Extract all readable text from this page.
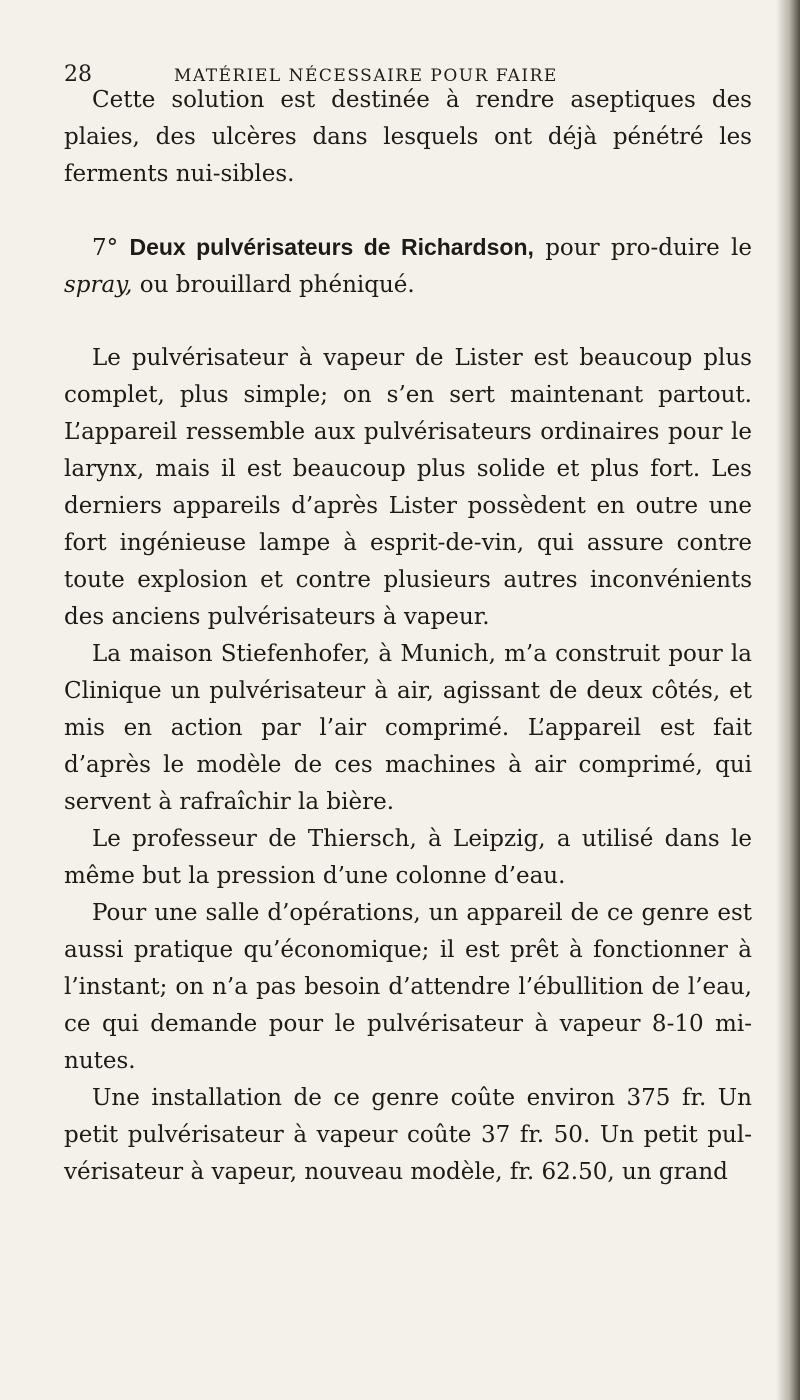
28	MATÉRIEL NÉCESSAIRE POUR FAIRE

Cette solution est destinée à rendre aseptiques des plaies, des ulcères dans lesquels ont déjà pénétré les ferments nui-sibles.

7° Deux pulvérisateurs de Richardson, pour pro-duire le spray, ou brouillard phéniqué.

Le pulvérisateur à vapeur de Lister est beaucoup plus complet, plus simple; on s’en sert maintenant partout. L’appareil ressemble aux pulvérisateurs ordinaires pour le larynx, mais il est beaucoup plus solide et plus fort. Les derniers appareils d’après Lister possèdent en outre une fort ingénieuse lampe à esprit-de-vin, qui assure contre toute explosion et contre plusieurs autres inconvénients des anciens pulvérisateurs à vapeur.

La maison Stiefenhofer, à Munich, m’a construit pour la Clinique un pulvérisateur à air, agissant de deux côtés, et mis en action par l’air comprimé. L’appareil est fait d’après le modèle de ces machines à air comprimé, qui servent à rafraîchir la bière.

Le professeur de Thiersch, à Leipzig, a utilisé dans le même but la pression d’une colonne d’eau.

Pour une salle d’opérations, un appareil de ce genre est aussi pratique qu’économique; il est prêt à fonctionner à l’instant; on n’a pas besoin d’attendre l’ébullition de l’eau, ce qui demande pour le pulvérisateur à vapeur 8-10 mi-nutes.

Une installation de ce genre coûte environ 375 fr. Un petit pulvérisateur à vapeur coûte 37 fr. 50. Un petit pul-vérisateur à vapeur, nouveau modèle, fr. 62.50, un grand
